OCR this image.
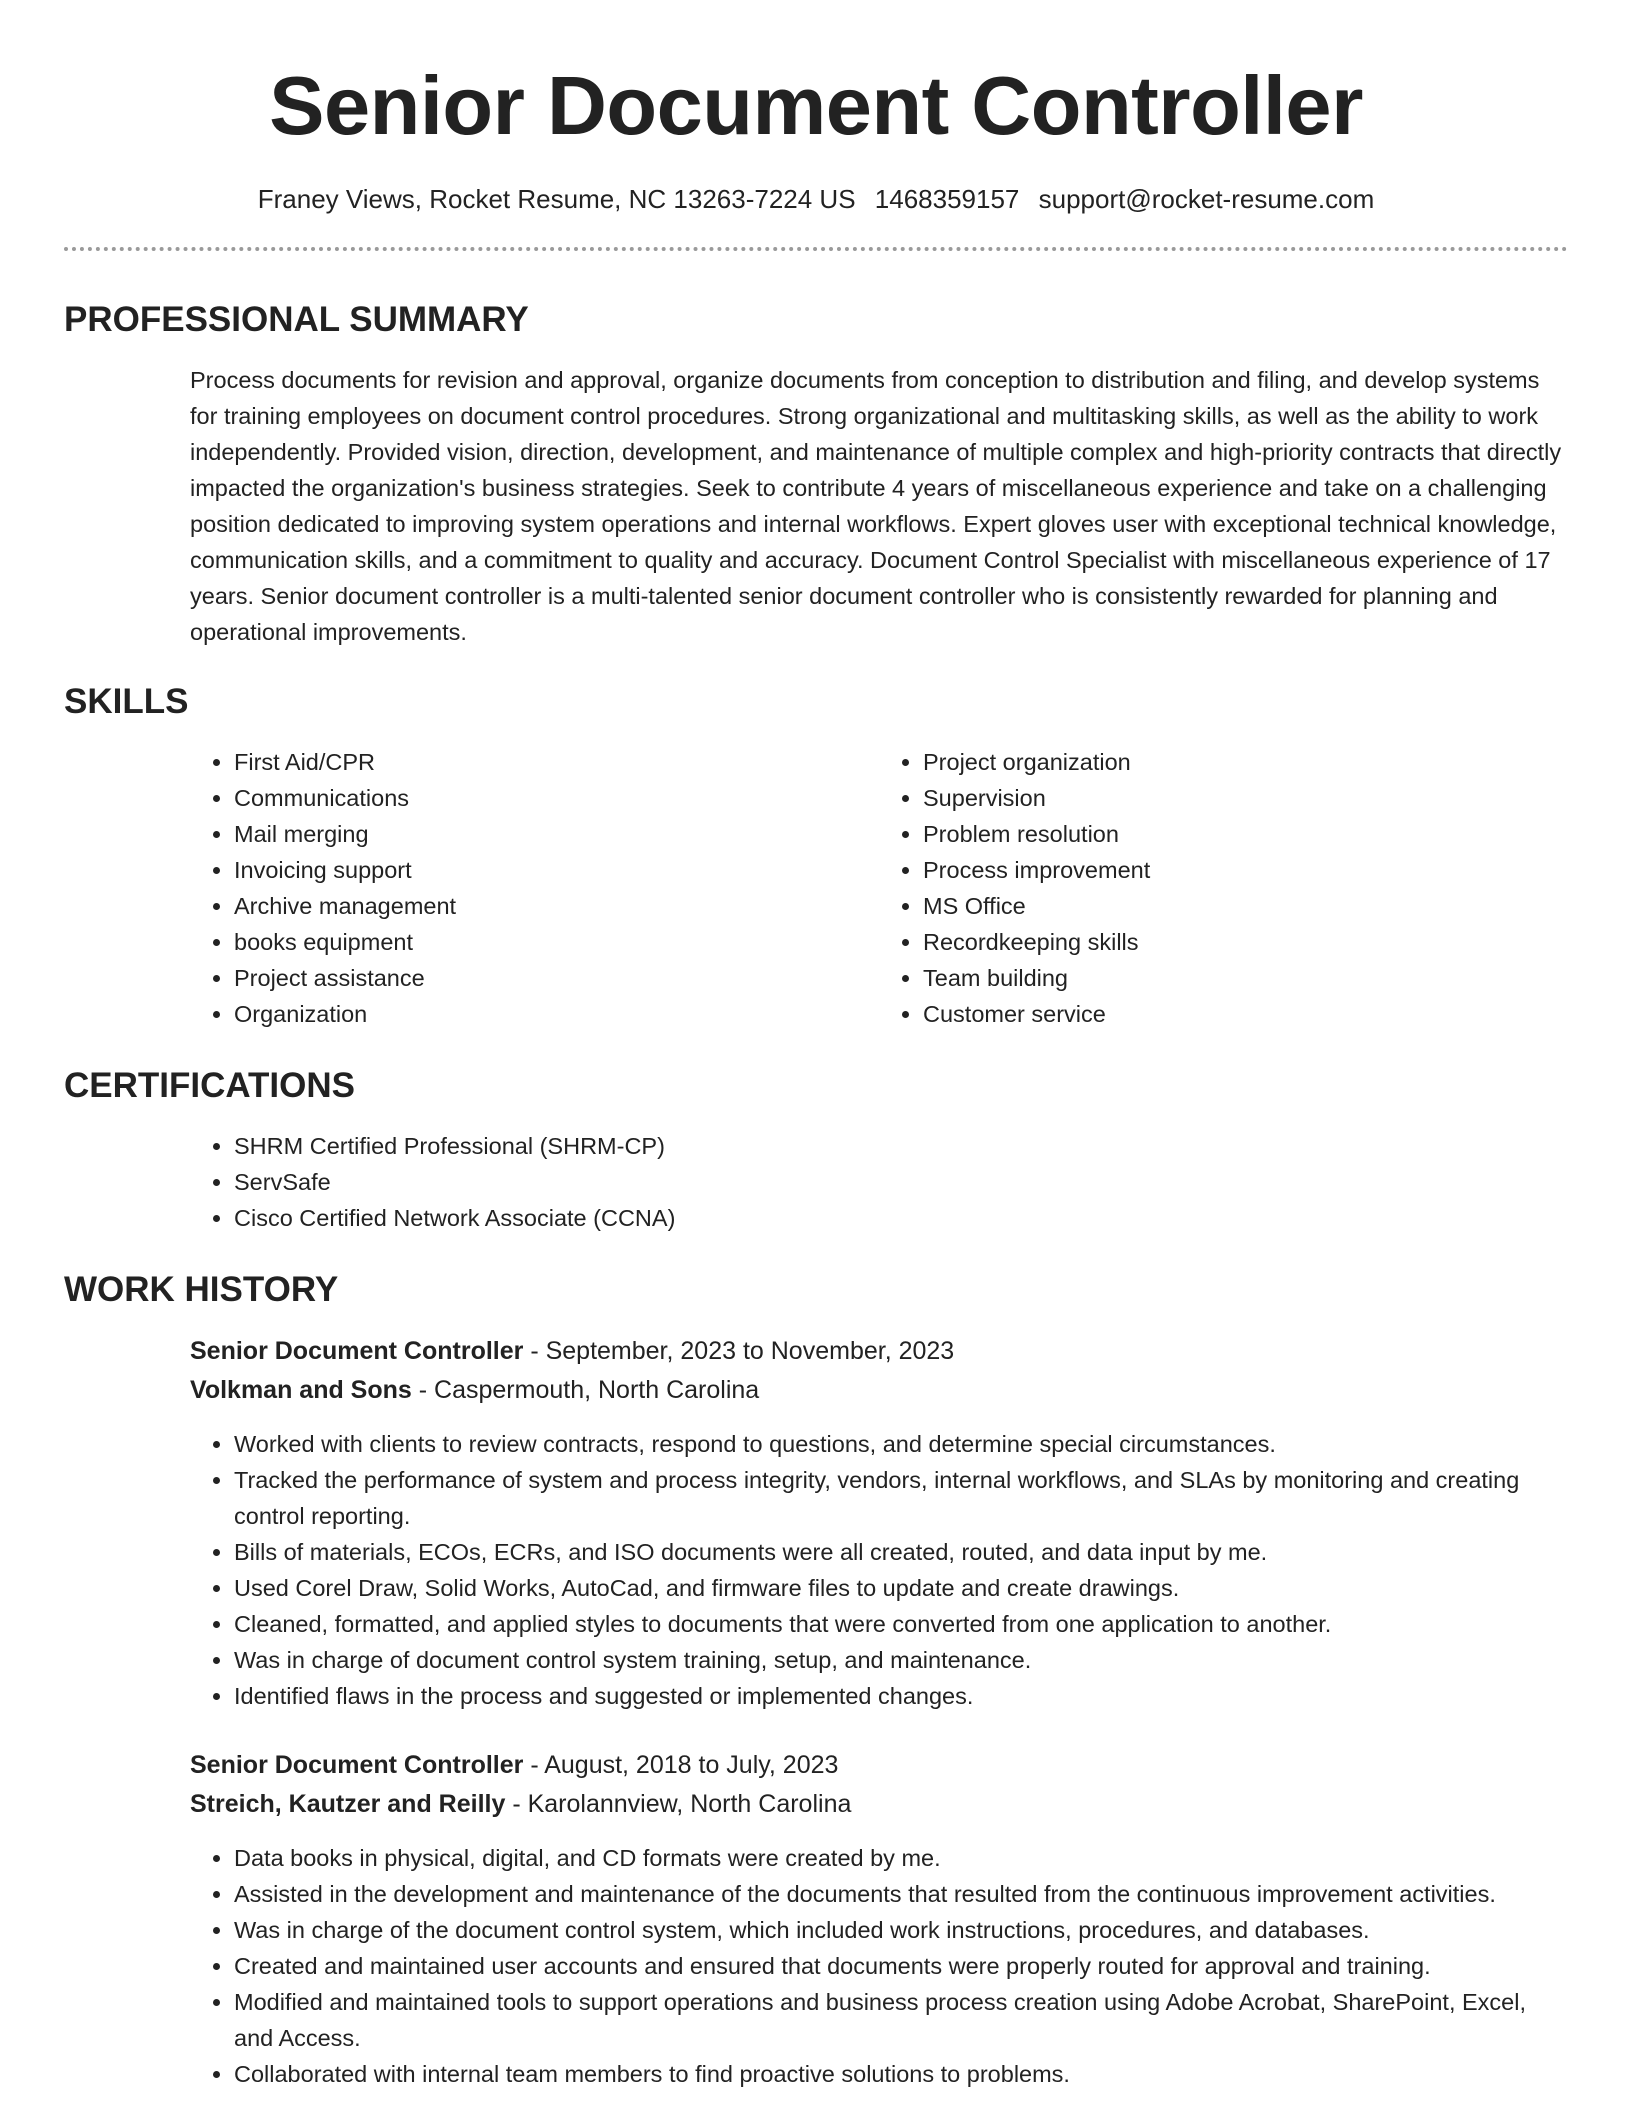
Senior Document Controller
Franey Views, Rocket Resume, NC 13263-7224 US 1468359157 support@rocket-resume.com
PROFESSIONAL SUMMARY
Process documents for revision and approval, organize documents from conception to distribution and filing, and develop systems for training employees on document control procedures. Strong organizational and multitasking skills, as well as the ability to work independently. Provided vision, direction, development, and maintenance of multiple complex and high-priority contracts that directly impacted the organization's business strategies. Seek to contribute 4 years of miscellaneous experience and take on a challenging position dedicated to improving system operations and internal workflows. Expert gloves user with exceptional technical knowledge, communication skills, and a commitment to quality and accuracy. Document Control Specialist with miscellaneous experience of 17 years. Senior document controller is a multi-talented senior document controller who is consistently rewarded for planning and operational improvements.
SKILLS
• First Aid/CPR
• Communications
• Mail merging
• Invoicing support
• Archive management
• books equipment
• Project assistance
• Organization
• Project organization
• Supervision
• Problem resolution
• Process improvement
• MS Office
• Recordkeeping skills
• Team building
• Customer service
CERTIFICATIONS
• SHRM Certified Professional (SHRM-CP)
• ServSafe
• Cisco Certified Network Associate (CCNA)
WORK HISTORY
Senior Document Controller - September, 2023 to November, 2023
Volkman and Sons - Caspermouth, North Carolina
• Worked with clients to review contracts, respond to questions, and determine special circumstances.
• Tracked the performance of system and process integrity, vendors, internal workflows, and SLAs by monitoring and creating control reporting.
• Bills of materials, ECOs, ECRs, and ISO documents were all created, routed, and data input by me.
• Used Corel Draw, Solid Works, AutoCad, and firmware files to update and create drawings.
• Cleaned, formatted, and applied styles to documents that were converted from one application to another.
• Was in charge of document control system training, setup, and maintenance.
• Identified flaws in the process and suggested or implemented changes.
Senior Document Controller - August, 2018 to July, 2023
Streich, Kautzer and Reilly - Karolannview, North Carolina
• Data books in physical, digital, and CD formats were created by me.
• Assisted in the development and maintenance of the documents that resulted from the continuous improvement activities.
• Was in charge of the document control system, which included work instructions, procedures, and databases.
• Created and maintained user accounts and ensured that documents were properly routed for approval and training.
• Modified and maintained tools to support operations and business process creation using Adobe Acrobat, SharePoint, Excel, and Access.
• Collaborated with internal team members to find proactive solutions to problems.
